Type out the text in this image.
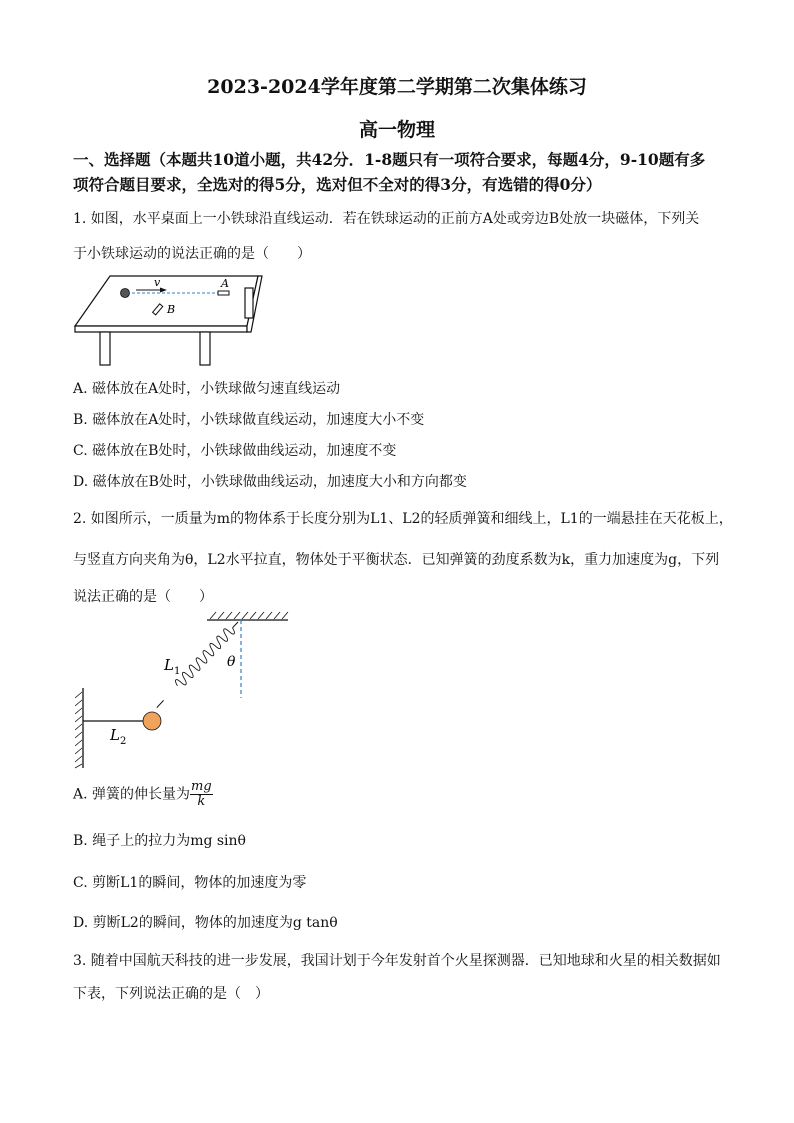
2023-2024学年度第二学期第二次集体练习
高一物理
一、选择题（本题共10道小题，共42分．1-8题只有一项符合要求，每题4分，9-10题有多
项符合题目要求，全选对的得5分，选对但不全对的得3分，有选错的得0分）
1. 如图，水平桌面上一小铁球沿直线运动．若在铁球运动的正前方A处或旁边B处放一块磁体，下列关
于小铁球运动的说法正确的是（　　）
v	A
B
A. 磁体放在A处时，小铁球做匀速直线运动
B. 磁体放在A处时，小铁球做直线运动，加速度大小不变
C. 磁体放在B处时，小铁球做曲线运动，加速度不变
D. 磁体放在B处时，小铁球做曲线运动，加速度大小和方向都变
2. 如图所示，一质量为m的物体系于长度分别为L1、L2的轻质弹簧和细线上，L1的一端悬挂在天花板上，
与竖直方向夹角为θ，L2水平拉直，物体处于平衡状态．已知弹簧的劲度系数为k，重力加速度为g，下列
说法正确的是（　　）
$L_1$
$L_2$
θ
A. 弹簧的伸长量为 $\frac{mg}{k}$
B. 绳子上的拉力为mg sinθ
C. 剪断L1的瞬间，物体的加速度为零
D. 剪断L2的瞬间，物体的加速度为g tanθ
3. 随着中国航天科技的进一步发展，我国计划于今年发射首个火星探测器．已知地球和火星的相关数据如
下表，下列说法正确的是（　）
